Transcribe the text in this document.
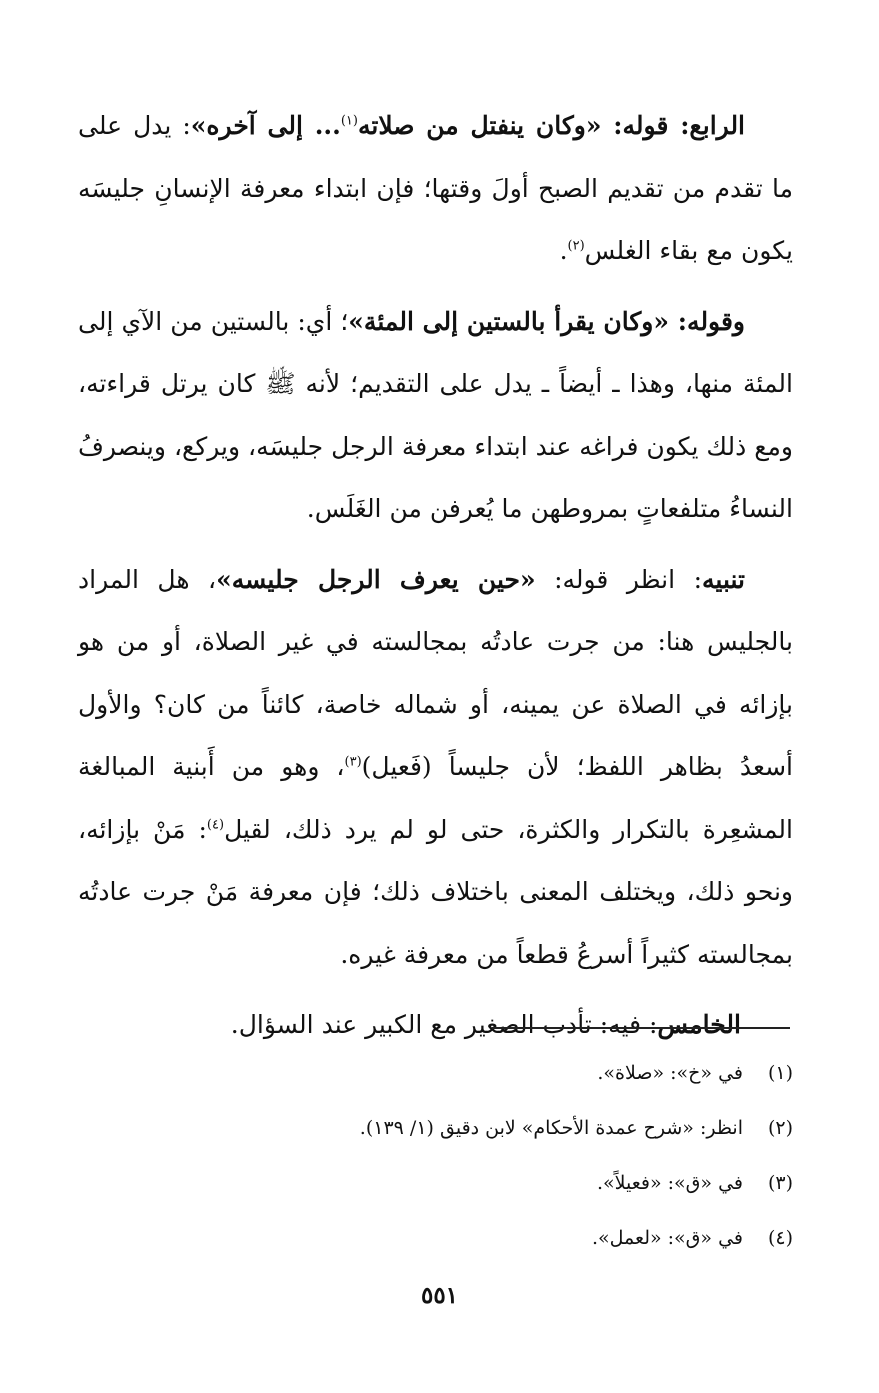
الرابع: قوله: «وكان ينفتل من صلاته$^{(١)}$... إلى آخره»: يدل على ما تقدم من تقديم الصبح أولَ وقتها؛ فإن ابتداء معرفة الإنسانِ جليسَه يكون مع بقاء الغلس$^{(٢)}$.

وقوله: «وكان يقرأ بالستين إلى المئة»؛ أي: بالستين من الآي إلى المئة منها، وهذا ـ أيضاً ـ يدل على التقديم؛ لأنه ﷺ كان يرتل قراءته، ومع ذلك يكون فراغه عند ابتداء معرفة الرجل جليسَه، ويركع، وينصرفُ النساءُ متلفعاتٍ بمروطهن ما يُعرفن من الغَلَس.

تنبيه: انظر قوله: «حين يعرف الرجل جليسه»، هل المراد بالجليس هنا: من جرت عادتُه بمجالسته في غير الصلاة، أو من هو بإزائه في الصلاة عن يمينه، أو شماله خاصة، كائناً من كان؟ والأول أسعدُ بظاهر اللفظ؛ لأن جليساً (فَعيل)$^{(٣)}$، وهو من أَبنية المبالغة المشعِرة بالتكرار والكثرة، حتى لو لم يرد ذلك، لقيل$^{(٤)}$: مَنْ بإزائه، ونحو ذلك، ويختلف المعنى باختلاف ذلك؛ فإن معرفة مَنْ جرت عادتُه بمجالسته كثيراً أسرعُ قطعاً من معرفة غيره.

الخامس: فيه: تأدب الصغير مع الكبير عند السؤال.

(١)
في «خ»: «صلاة».
(٢)
انظر: «شرح عمدة الأحكام» لابن دقيق (١/ ١٣٩).
(٣)
في «ق»: «فعيلاً».
(٤)
في «ق»: «لعمل».
٥٥١
